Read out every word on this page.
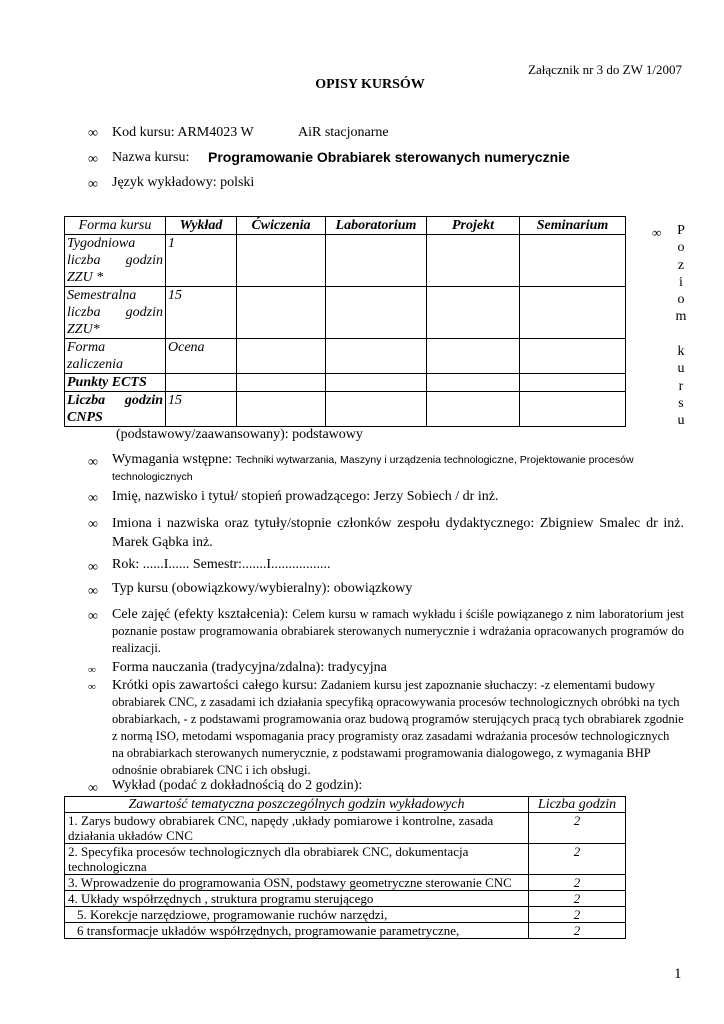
Załącznik nr 3 do ZW 1/2007
OPISY KURSÓW
∞ Kod kursu: ARM4023 W	AiR stacjonarne
∞ Nazwa kursu: Programowanie Obrabiarek sterowanych numerycznie
∞ Język wykładowy: polski
Forma kursu	Wykład	Ćwiczenia	Laboratorium	Projekt	Seminarium
Tygodniowa liczba godzin ZZU *	1				
Semestralna liczba godzin ZZU*	15				
Forma zaliczenia	Ocena				
Punkty ECTS					
Liczba godzin CNPS	15				
∞ P
o
z
i
o
m
k
u
r
s
u
(podstawowy/zaawansowany): podstawowy
∞ Wymagania wstępne: Techniki wytwarzania, Maszyny i urządzenia technologiczne, Projektowanie procesów technologicznych
∞ Imię, nazwisko i tytuł/ stopień prowadzącego: Jerzy Sobiech / dr inż.
∞ Imiona i nazwiska oraz tytuły/stopnie członków zespołu dydaktycznego: Zbigniew Smalec dr inż. Marek Gąbka inż.
∞ Rok: ......I...... Semestr:.......I.................
∞ Typ kursu (obowiązkowy/wybieralny): obowiązkowy
∞ Cele zajęć (efekty kształcenia): Celem kursu w ramach wykładu i ściśle powiązanego z nim laboratorium jest poznanie postaw programowania obrabiarek sterowanych numerycznie i wdrażania opracowanych programów do realizacji.
∞ Forma nauczania (tradycyjna/zdalna): tradycyjna
∞ Krótki opis zawartości całego kursu: Zadaniem kursu jest zapoznanie słuchaczy: -z elementami budowy obrabiarek CNC, z zasadami ich działania specyfiką opracowywania procesów technologicznych obróbki na tych obrabiarkach, - z podstawami programowania oraz budową programów sterujących pracą tych obrabiarek zgodnie z normą ISO, metodami wspomagania pracy programisty oraz zasadami wdrażania procesów technologicznych na obrabiarkach sterowanych numerycznie, z podstawami programowania dialogowego, z wymagania BHP odnośnie obrabiarek CNC i ich obsługi.
∞ Wykład (podać z dokładnością do 2 godzin):
Zawartość tematyczna poszczególnych godzin wykładowych	Liczba godzin
1. Zarys budowy obrabiarek CNC, napędy ,układy pomiarowe i kontrolne, zasada działania układów CNC	2
2. Specyfika procesów technologicznych dla obrabiarek CNC, dokumentacja technologiczna	2
3. Wprowadzenie do programowania OSN, podstawy geometryczne sterowanie CNC	2
4. Układy współrzędnych , struktura programu sterującego	2
5. Korekcje narzędziowe, programowanie ruchów narzędzi,	2
6 transformacje układów współrzędnych, programowanie parametryczne,	2
1
